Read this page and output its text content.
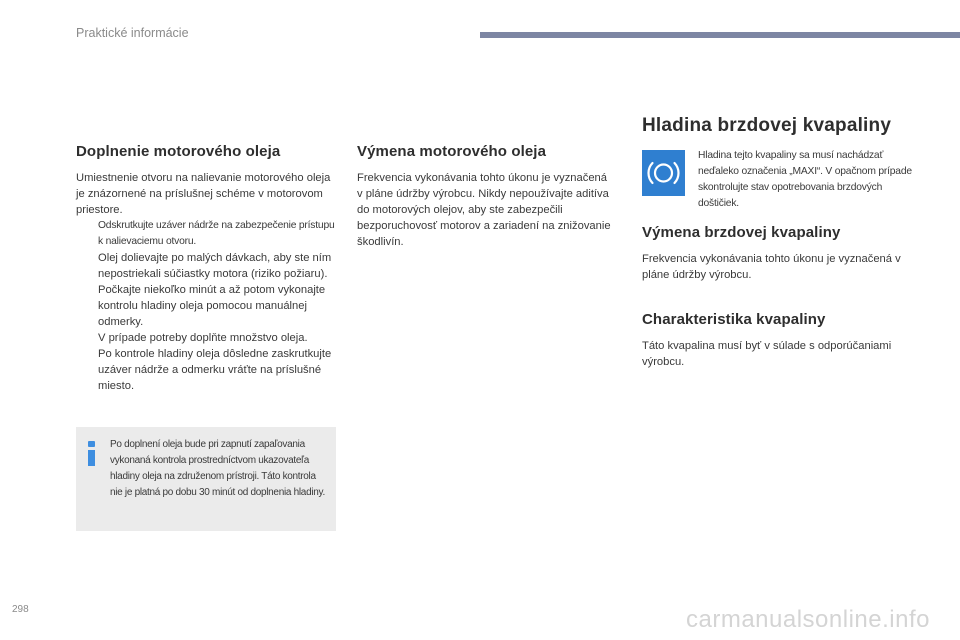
Praktické informácie
Doplnenie motorového oleja

Umiestnenie otvoru na nalievanie motorového oleja je znázornené na príslušnej schéme v motorovom priestore.

Odskrutkujte uzáver nádrže na zabezpečenie prístupu k nalievaciemu otvoru.
Olej dolievajte po malých dávkach, aby ste ním nepostriekali súčiastky motora (riziko požiaru).
Počkajte niekoľko minút a až potom vykonajte kontrolu hladiny oleja pomocou manuálnej odmerky.
V prípade potreby doplňte množstvo oleja.
Po kontrole hladiny oleja dôsledne zaskrutkujte uzáver nádrže a odmerku vráťte na príslušné miesto.
Po doplnení oleja bude pri zapnutí zapaľovania vykonaná kontrola prostredníctvom ukazovateľa hladiny oleja na združenom prístroji. Táto kontrola nie je platná po dobu 30 minút od doplnenia hladiny.
Výmena motorového oleja

Frekvencia vykonávania tohto úkonu je vyznačená v pláne údržby výrobcu. Nikdy nepoužívajte aditíva do motorových olejov, aby ste zabezpečili bezporuchovosť motorov a zariadení na znižovanie škodlivín.

Hladina brzdovej kvapaliny
Hladina tejto kvapaliny sa musí nachádzať neďaleko označenia „MAXI“. V opačnom prípade skontrolujte stav opotrebovania brzdových doštičiek.
Výmena brzdovej kvapaliny

Frekvencia vykonávania tohto úkonu je vyznačená v pláne údržby výrobcu.

Charakteristika kvapaliny

Táto kvapalina musí byť v súlade s odporúčaniami výrobcu.

298	carmanualsonline.info
